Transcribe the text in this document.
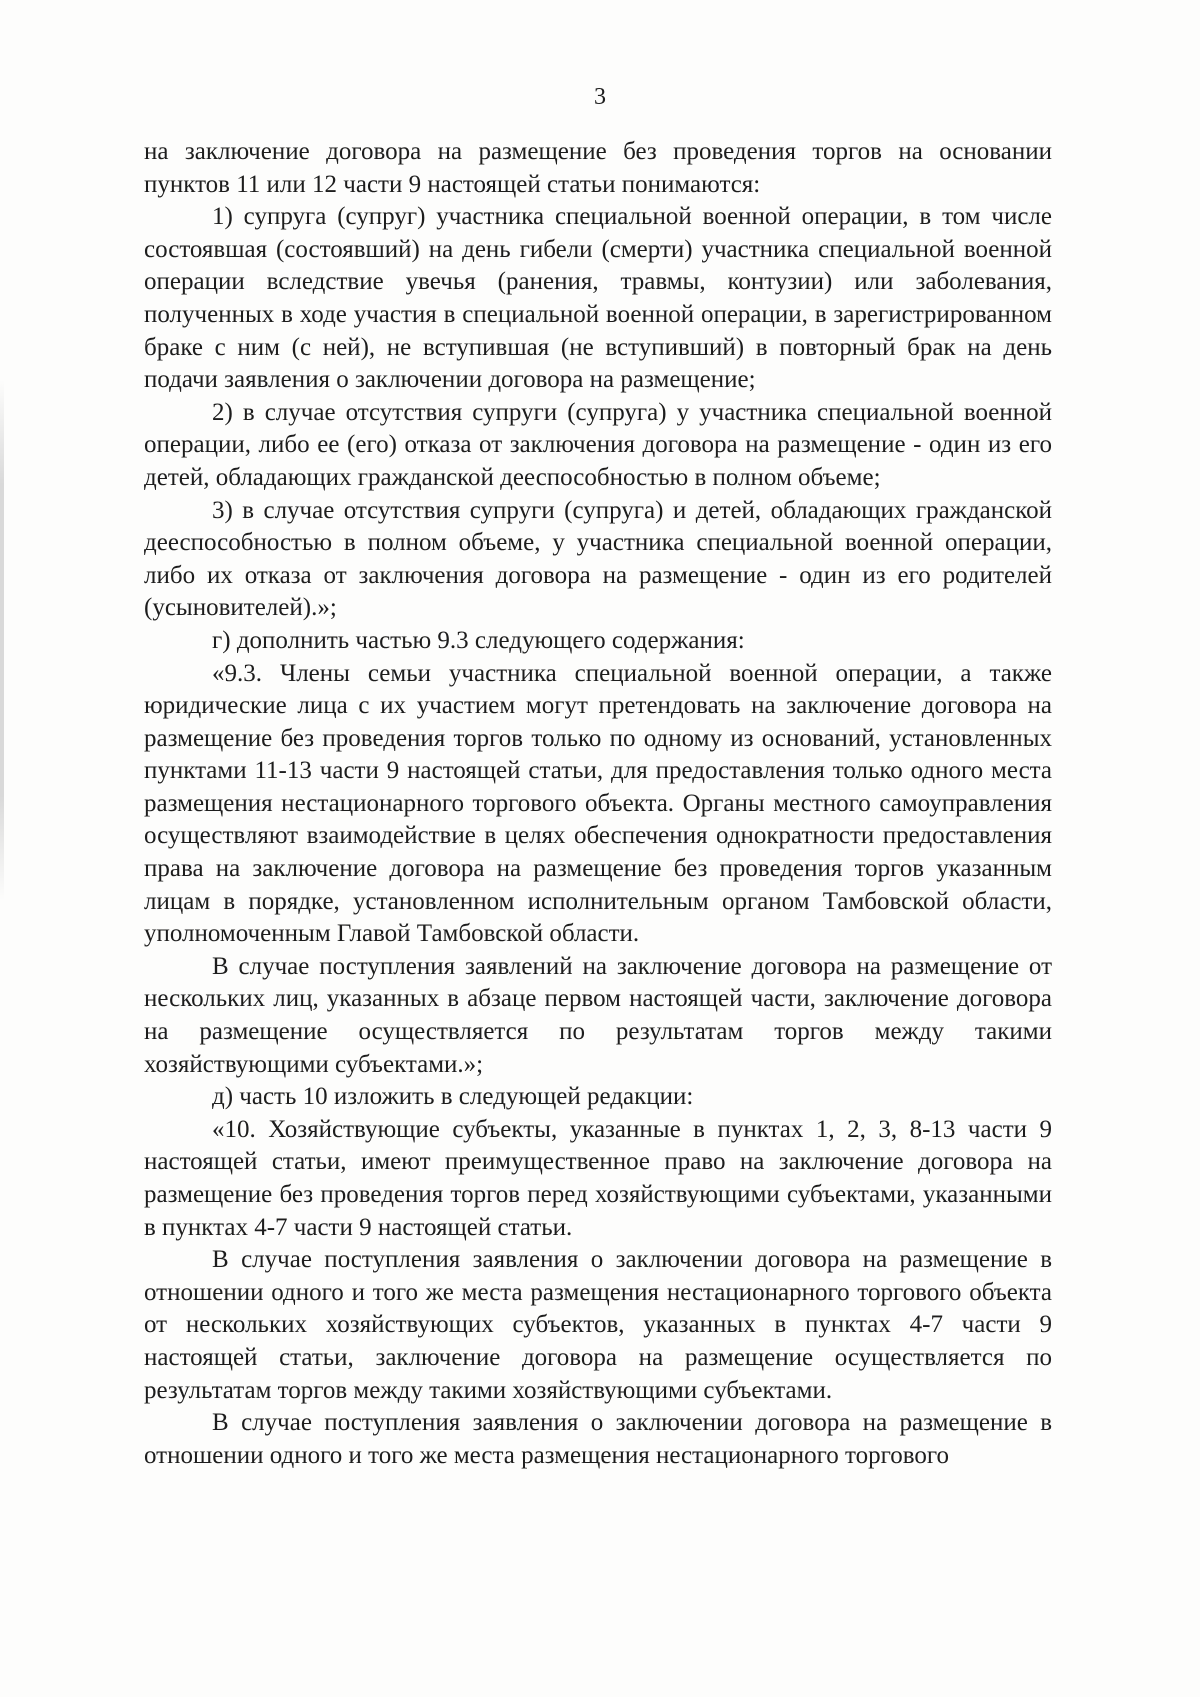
3

на заключение договора на размещение без проведения торгов на основании пунктов 11 или 12 части 9 настоящей статьи понимаются:

1) супруга (супруг) участника специальной военной операции, в том числе состоявшая (состоявший) на день гибели (смерти) участника специальной военной операции вследствие увечья (ранения, травмы, контузии) или заболевания, полученных в ходе участия в специальной военной операции, в зарегистрированном браке с ним (с ней), не вступившая (не вступивший) в повторный брак на день подачи заявления о заключении договора на размещение;

2) в случае отсутствия супруги (супруга) у участника специальной военной операции, либо ее (его) отказа от заключения договора на размещение - один из его детей, обладающих гражданской дееспособностью в полном объеме;

3) в случае отсутствия супруги (супруга) и детей, обладающих гражданской дееспособностью в полном объеме, у участника специальной военной операции, либо их отказа от заключения договора на размещение - один из его родителей (усыновителей).»;

г) дополнить частью 9.3 следующего содержания:

«9.3. Члены семьи участника специальной военной операции, а также юридические лица с их участием могут претендовать на заключение договора на размещение без проведения торгов только по одному из оснований, установленных пунктами 11-13 части 9 настоящей статьи, для предоставления только одного места размещения нестационарного торгового объекта. Органы местного самоуправления осуществляют взаимодействие в целях обеспечения однократности предоставления права на заключение договора на размещение без проведения торгов указанным лицам в порядке, установленном исполнительным органом Тамбовской области, уполномоченным Главой Тамбовской области.

В случае поступления заявлений на заключение договора на размещение от нескольких лиц, указанных в абзаце первом настоящей части, заключение договора на размещение осуществляется по результатам торгов между такими хозяйствующими субъектами.»;

д) часть 10 изложить в следующей редакции:

«10. Хозяйствующие субъекты, указанные в пунктах 1, 2, 3, 8-13 части 9 настоящей статьи, имеют преимущественное право на заключение договора на размещение без проведения торгов перед хозяйствующими субъектами, указанными в пунктах 4-7 части 9 настоящей статьи.

В случае поступления заявления о заключении договора на размещение в отношении одного и того же места размещения нестационарного торгового объекта от нескольких хозяйствующих субъектов, указанных в пунктах 4-7 части 9 настоящей статьи, заключение договора на размещение осуществляется по результатам торгов между такими хозяйствующими субъектами.

В случае поступления заявления о заключении договора на размещение в отношении одного и того же места размещения нестационарного торгового
